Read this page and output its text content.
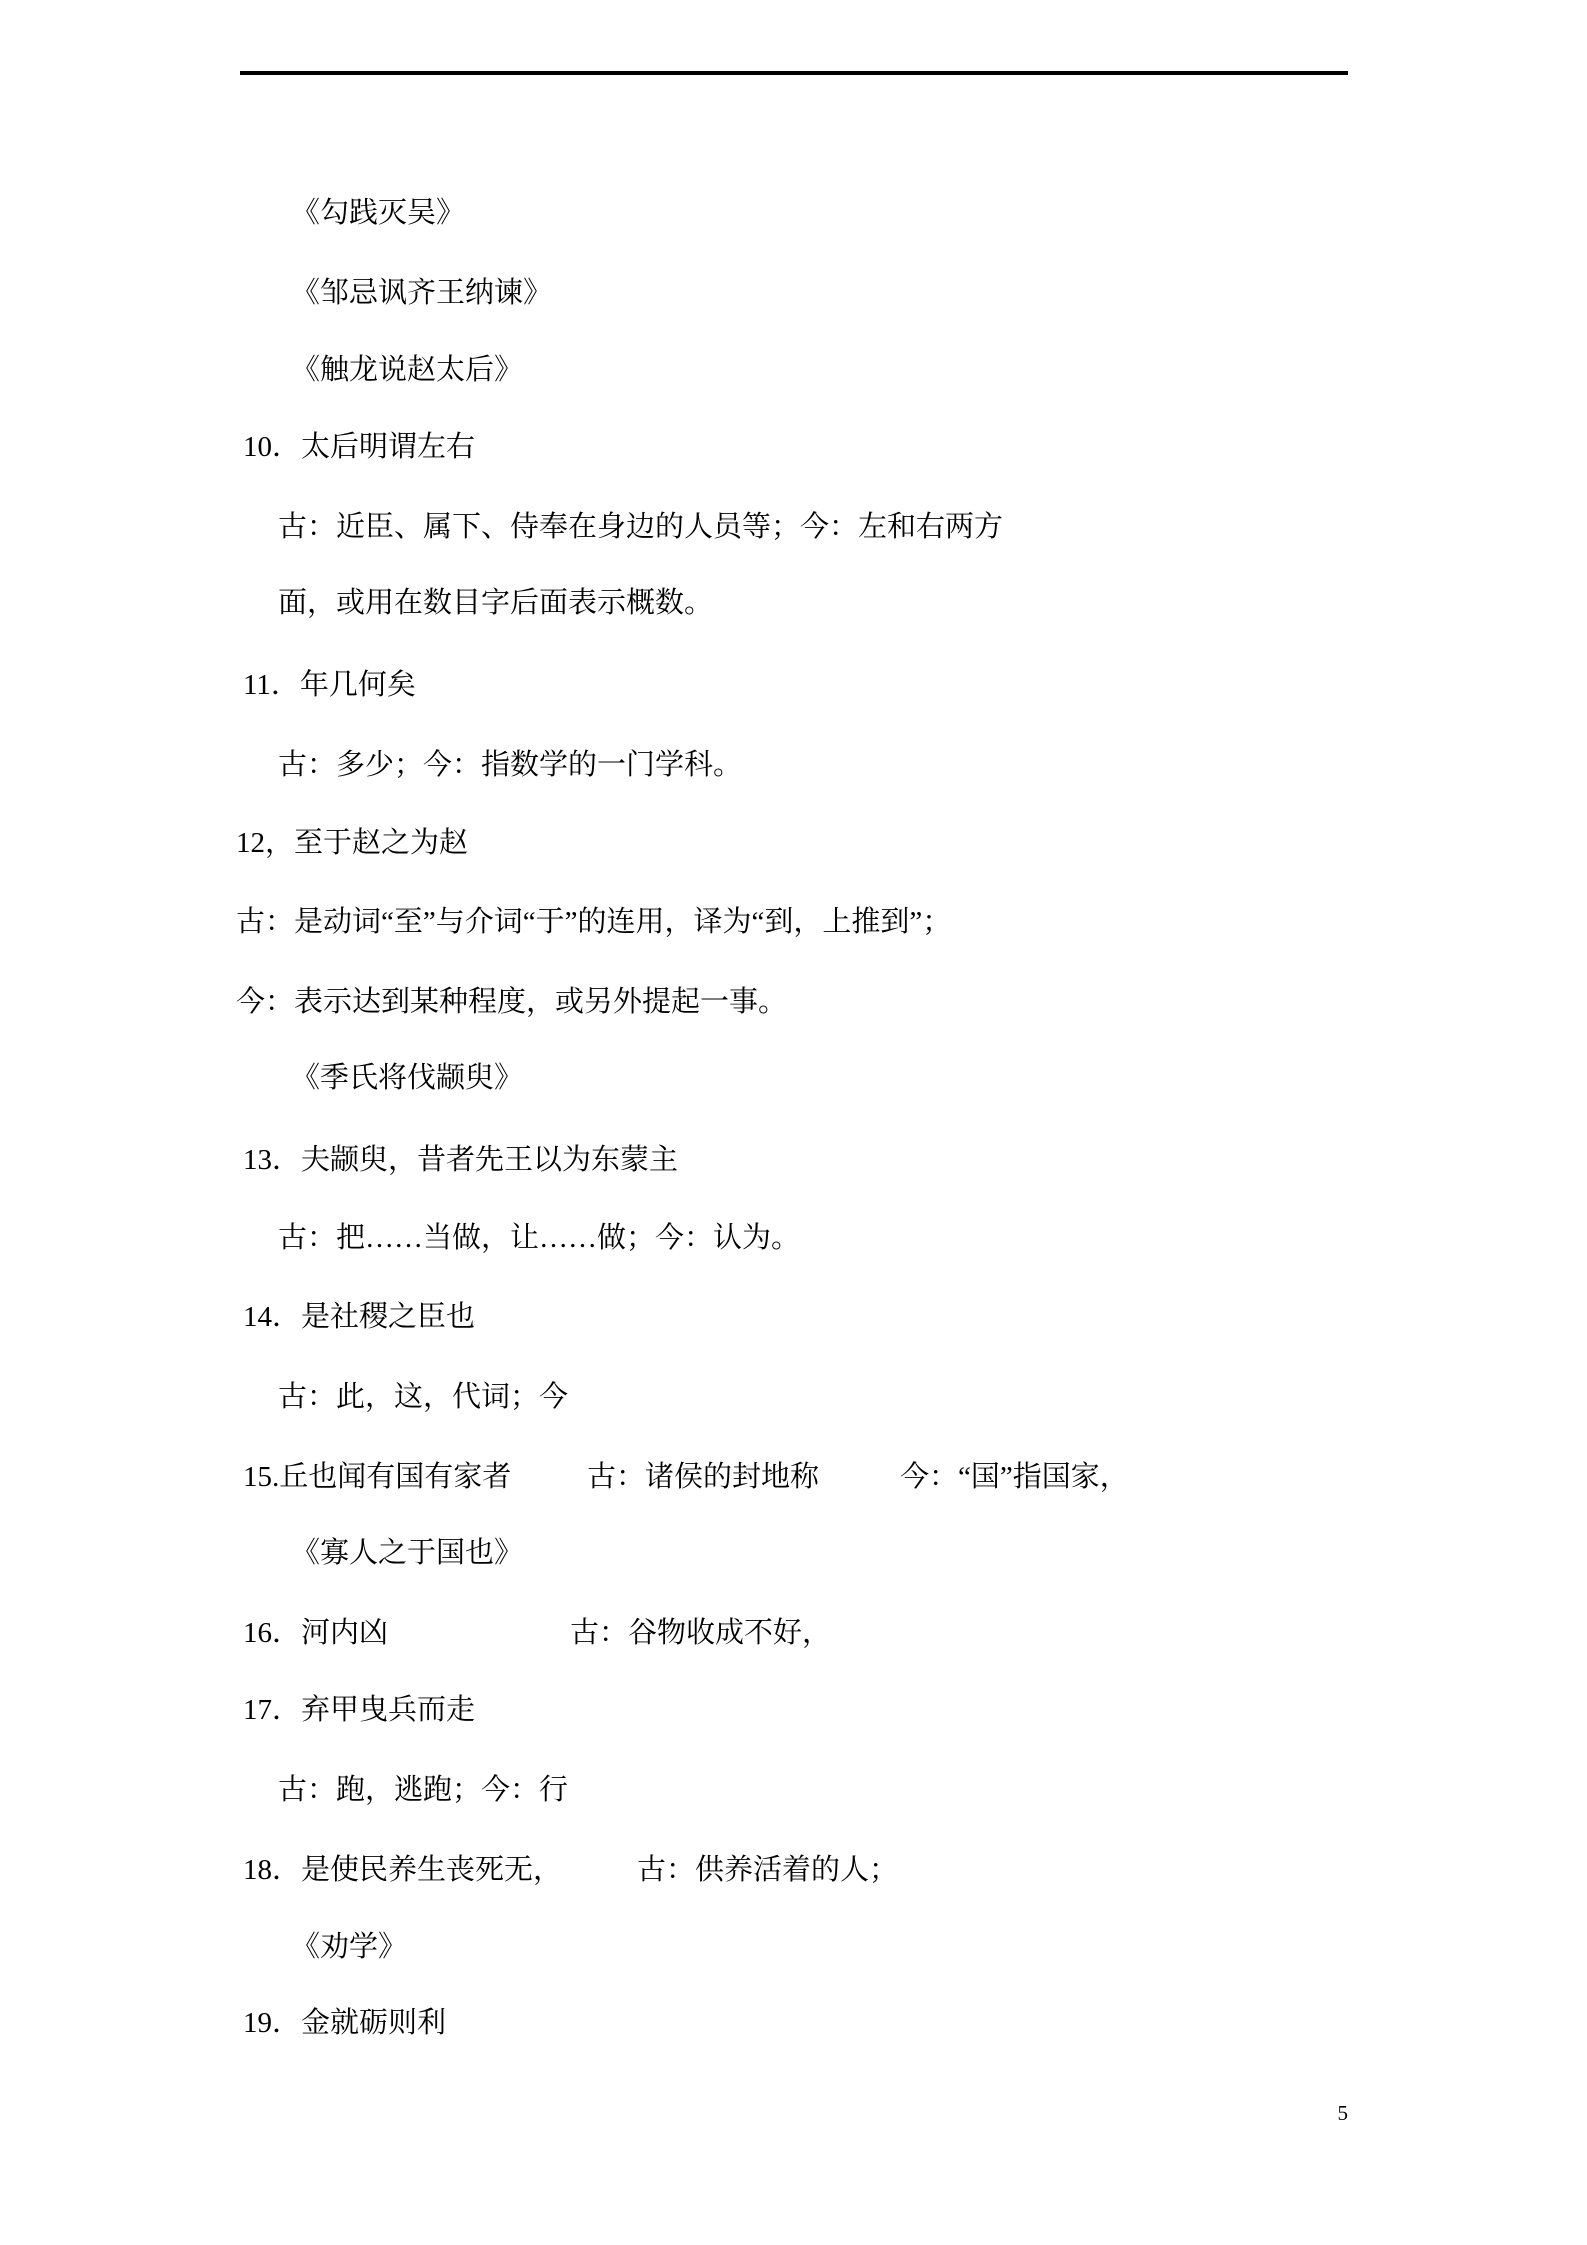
《勾践灭吴》
《邹忌讽齐王纳谏》
《触龙说赵太后》
10．太后明谓左右
古：近臣、属下、侍奉在身边的人员等；今：左和右两方
面，或用在数目字后面表示概数。
11．年几何矣
古：多少；今：指数学的一门学科。
12，至于赵之为赵
古：是动词“至”与介词“于”的连用，译为“到，上推到”；
今：表示达到某种程度，或另外提起一事。
《季氏将伐颛臾》
13．夫颛臾，昔者先王以为东蒙主
古：把……当做，让……做；今：认为。
14．是社稷之臣也
古：此，这，代词；今

15.丘也闻有国有家者

	古：诸侯的封地称

	今：“国”指国家，

《寡人之于国也》

16．河内凶

	古：谷物收成不好，

17．弃甲曳兵而走
古：跑，逃跑；今：行

18．是使民养生丧死无，

	古：供养活着的人；

《劝学》
19．金就砺则利
5
